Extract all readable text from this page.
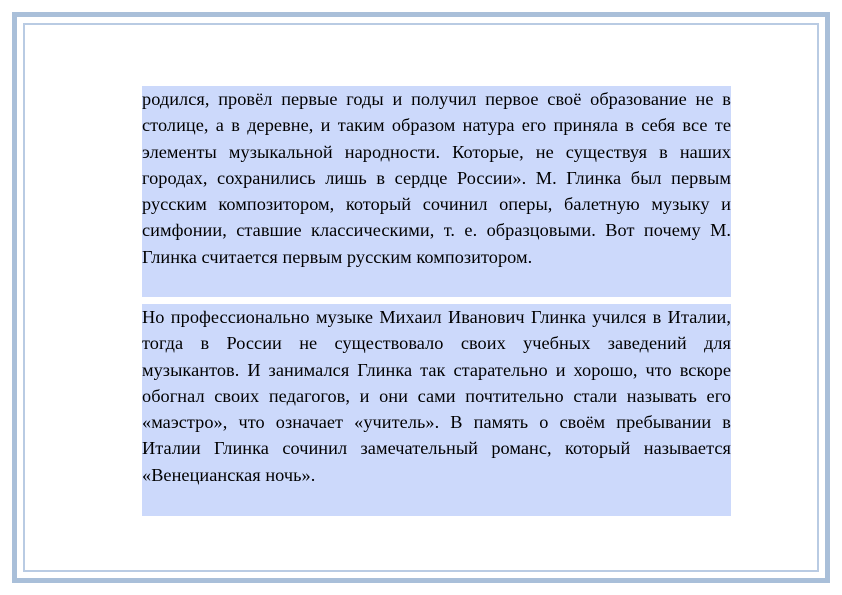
родился, провёл первые годы и получил первое своё образование не в столице, а в деревне, и таким образом натура его приняла в себя все те элементы музыкальной народности. Которые, не существуя в наших городах, сохранились лишь в сердце России». М. Глинка был первым русским композитором, который сочинил оперы, балетную музыку и симфонии, ставшие классическими, т. е. образцовыми. Вот почему М. Глинка считается первым русским композитором.

Но профессионально музыке Михаил Иванович Глинка учился в Италии, тогда в России не существовало своих учебных заведений для музыкантов. И занимался Глинка так старательно и хорошо, что вскоре обогнал своих педагогов, и они сами почтительно стали называть его «маэстро», что означает «учитель». В память о своём пребывании в Италии Глинка сочинил замечательный романс, который называется «Венецианская ночь».
